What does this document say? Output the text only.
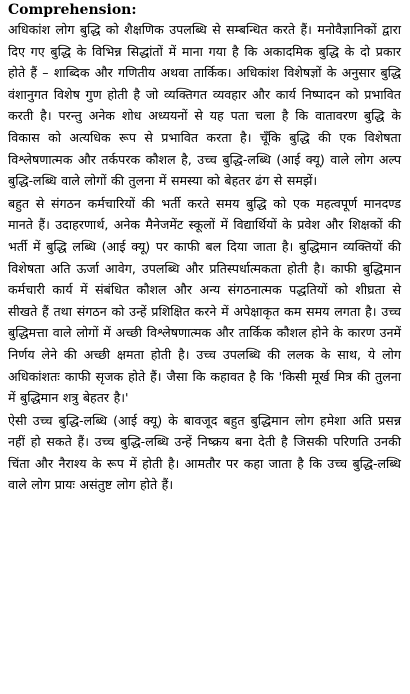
Comprehension:

अधिकांश लोग बुद्धि को शैक्षणिक उपलब्धि से सम्बन्धित करते हैं। मनोवैज्ञानिकों द्वारा दिए गए बुद्धि के विभिन्न सिद्धांतों में माना गया है कि अकादमिक बुद्धि के दो प्रकार होते हैं – शाब्दिक और गणितीय अथवा तार्किक। अधिकांश विशेषज्ञों के अनुसार बुद्धि वंशानुगत विशेष गुण होती है जो व्यक्तिगत व्यवहार और कार्य निष्पादन को प्रभावित करती है। परन्तु अनेक शोध अध्ययनों से यह पता चला है कि वातावरण बुद्धि के विकास को अत्यधिक रूप से प्रभावित करता है। चूँकि बुद्धि की एक विशेषता विश्लेषणात्मक और तर्कपरक कौशल है, उच्च बुद्धि-लब्धि (आई क्यू) वाले लोग अल्प बुद्धि-लब्धि वाले लोगों की तुलना में समस्या को बेहतर ढंग से समझें।

बहुत से संगठन कर्मचारियों की भर्ती करते समय बुद्धि को एक महत्वपूर्ण मानदण्ड मानते हैं। उदाहरणार्थ, अनेक मैनेजमेंट स्कूलों में विद्यार्थियों के प्रवेश और शिक्षकों की भर्ती में बुद्धि लब्धि (आई क्यू) पर काफी बल दिया जाता है। बुद्धिमान व्यक्तियों की विशेषता अति ऊर्जा आवेग, उपलब्धि और प्रतिस्पर्धात्मकता होती है। काफी बुद्धिमान कर्मचारी कार्य में संबंधित कौशल और अन्य संगठनात्मक पद्धतियों को शीघ्रता से सीखते हैं तथा संगठन को उन्हें प्रशिक्षित करने में अपेक्षाकृत कम समय लगता है। उच्च बुद्धिमत्ता वाले लोगों में अच्छी विश्लेषणात्मक और तार्किक कौशल होने के कारण उनमें निर्णय लेने की अच्छी क्षमता होती है। उच्च उपलब्धि की ललक के साथ, ये लोग अधिकांशतः काफी सृजक होते हैं। जैसा कि कहावत है कि 'किसी मूर्ख मित्र की तुलना में बुद्धिमान शत्रु बेहतर है।'

ऐसी उच्च बुद्धि-लब्धि (आई क्यू) के बावजूद बहुत बुद्धिमान लोग हमेशा अति प्रसन्न नहीं हो सकते हैं। उच्च बुद्धि-लब्धि उन्हें निष्क्रय बना देती है जिसकी परिणति उनकी चिंता और नैराश्य के रूप में होती है। आमतौर पर कहा जाता है कि उच्च बुद्धि-लब्धि वाले लोग प्रायः असंतुष्ट लोग होते हैं।
